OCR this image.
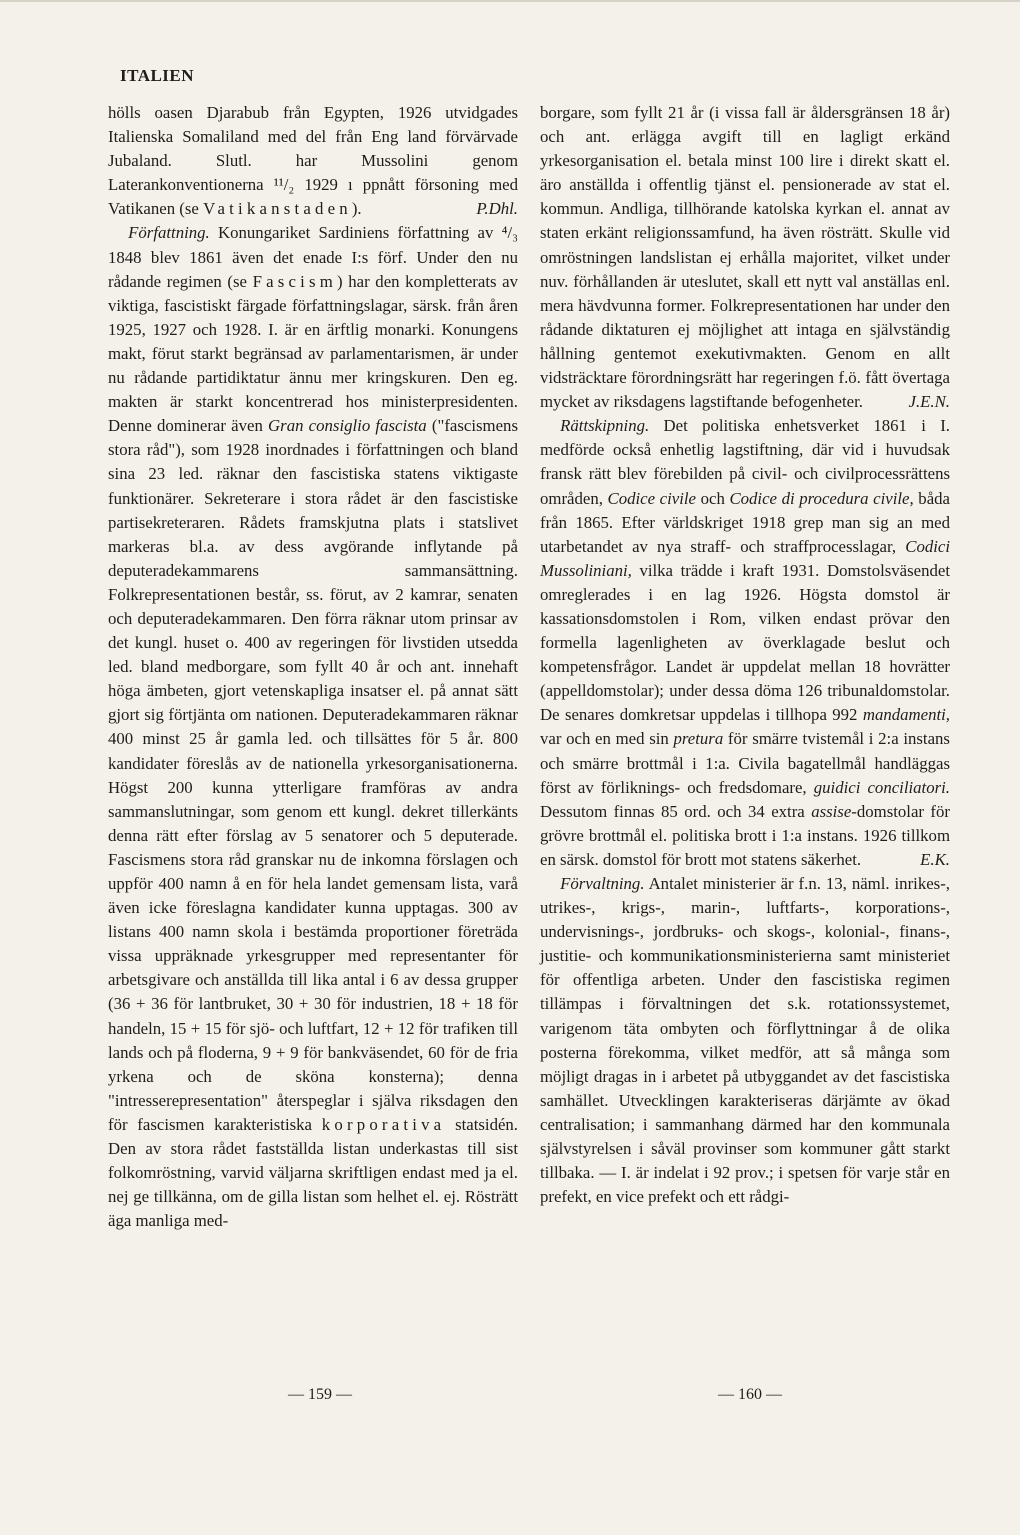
ITALIEN

hölls oasen Djarabub från Egypten, 1926 utvidgades Italienska Somaliland med del från Eng land förvärvade Jubaland. Slutl. har Mussolini genom Laterankonventionerna ¹¹/₂ 1929 ı ppnått försoning med Vatikanen (se Vatikanstaden).	P.Dhl.

Författning. Konungariket Sardiniens författning av ⁴/₃ 1848 blev 1861 även det enade I:s förf. Under den nu rådande regimen (se Fascism) har den kompletterats av viktiga, fascistiskt färgade författningslagar, särsk. från åren 1925, 1927 och 1928. I. är en ärftlig monarki. Konungens makt, förut starkt begränsad av parlamentarismen, är under nu rådande partidiktatur ännu mer kringskuren. Den eg. makten är starkt koncentrerad hos ministerpresidenten. Denne dominerar även Gran consiglio fascista ("fascismens stora råd"), som 1928 inordnades i författningen och bland sina 23 led. räknar den fascistiska statens viktigaste funktionärer. Sekreterare i stora rådet är den fascistiske partisekreteraren. Rådets framskjutna plats i statslivet markeras bl.a. av dess avgörande inflytande på deputeradekammarens sammansättning. Folkrepresentationen består, ss. förut, av 2 kamrar, senaten och deputeradekammaren. Den förra räknar utom prinsar av det kungl. huset o. 400 av regeringen för livstiden utsedda led. bland medborgare, som fyllt 40 år och ant. innehaft höga ämbeten, gjort vetenskapliga insatser el. på annat sätt gjort sig förtjänta om nationen. Deputeradekammaren räknar 400 minst 25 år gamla led. och tillsättes för 5 år. 800 kandidater föreslås av de nationella yrkesorganisationerna. Högst 200 kunna ytterligare framföras av andra sammanslutningar, som genom ett kungl. dekret tillerkänts denna rätt efter förslag av 5 senatorer och 5 deputerade. Fascismens stora råd granskar nu de inkomna förslagen och uppför 400 namn å en för hela landet gemensam lista, varå även icke föreslagna kandidater kunna upptagas. 300 av listans 400 namn skola i bestämda proportioner företräda vissa uppräknade yrkesgrupper med representanter för arbetsgivare och anställda till lika antal i 6 av dessa grupper (36 + 36 för lantbruket, 30 + 30 för industrien, 18 + 18 för handeln, 15 + 15 för sjö- och luftfart, 12 + 12 för trafiken till lands och på floderna, 9 + 9 för bankväsendet, 60 för de fria yrkena och de sköna konsterna); denna "intresserepresentation" återspeglar i själva riksdagen den för fascismen karakteristiska korporativa statsidén. Den av stora rådet fastställda listan underkastas till sist folkomröstning, varvid väljarna skriftligen endast med ja el. nej ge tillkänna, om de gilla listan som helhet el. ej. Rösträtt äga manliga med-

borgare, som fyllt 21 år (i vissa fall är åldersgränsen 18 år) och ant. erlägga avgift till en lagligt erkänd yrkesorganisation el. betala minst 100 lire i direkt skatt el. äro anställda i offentlig tjänst el. pensionerade av stat el. kommun. Andliga, tillhörande katolska kyrkan el. annat av staten erkänt religionssamfund, ha även rösträtt. Skulle vid omröstningen landslistan ej erhålla majoritet, vilket under nuv. förhållanden är uteslutet, skall ett nytt val anställas enl. mera hävdvunna former. Folkrepresentationen har under den rådande diktaturen ej möjlighet att intaga en självständig hållning gentemot exekutivmakten. Genom en allt vidsträcktare förordningsrätt har regeringen f.ö. fått övertaga mycket av riksdagens lagstiftande befogenheter.	J.E.N.

Rättskipning. Det politiska enhetsverket 1861 i I. medförde också enhetlig lagstiftning, där vid i huvudsak fransk rätt blev förebilden på civil- och civilprocessrättens områden, Codice civile och Codice di procedura civile, båda från 1865. Efter världskriget 1918 grep man sig an med utarbetandet av nya straff- och straffprocesslagar, Codici Mussoliniani, vilka trädde i kraft 1931. Domstolsväsendet omreglerades i en lag 1926. Högsta domstol är kassationsdomstolen i Rom, vilken endast prövar den formella lagenligheten av överklagade beslut och kompetensfrågor. Landet är uppdelat mellan 18 hovrätter (appelldomstolar); under dessa döma 126 tribunaldomstolar. De senares domkretsar uppdelas i tillhopa 992 mandamenti, var och en med sin pretura för smärre tvistemål i 2:a instans och smärre brottmål i 1:a. Civila bagatellmål handläggas först av förliknings- och fredsdomare, guidici conciliatori. Dessutom finnas 85 ord. och 34 extra assise-domstolar för grövre brottmål el. politiska brott i 1:a instans. 1926 tillkom en särsk. domstol för brott mot statens säkerhet.	E.K.

Förvaltning. Antalet ministerier är f.n. 13, näml. inrikes-, utrikes-, krigs-, marin-, luftfarts-, korporations-, undervisnings-, jordbruks- och skogs-, kolonial-, finans-, justitie- och kommunikationsministerierna samt ministeriet för offentliga arbeten. Under den fascistiska regimen tillämpas i förvaltningen det s.k. rotationssystemet, varigenom täta ombyten och förflyttningar å de olika posterna förekomma, vilket medför, att så många som möjligt dragas in i arbetet på utbyggandet av det fascistiska samhället. Utvecklingen karakteriseras därjämte av ökad centralisation; i sammanhang därmed har den kommunala självstyrelsen i såväl provinser som kommuner gått starkt tillbaka. — I. är indelat i 92 prov.; i spetsen för varje står en prefekt, en vice prefekt och ett rådgi-

— 159 —	— 160 —
